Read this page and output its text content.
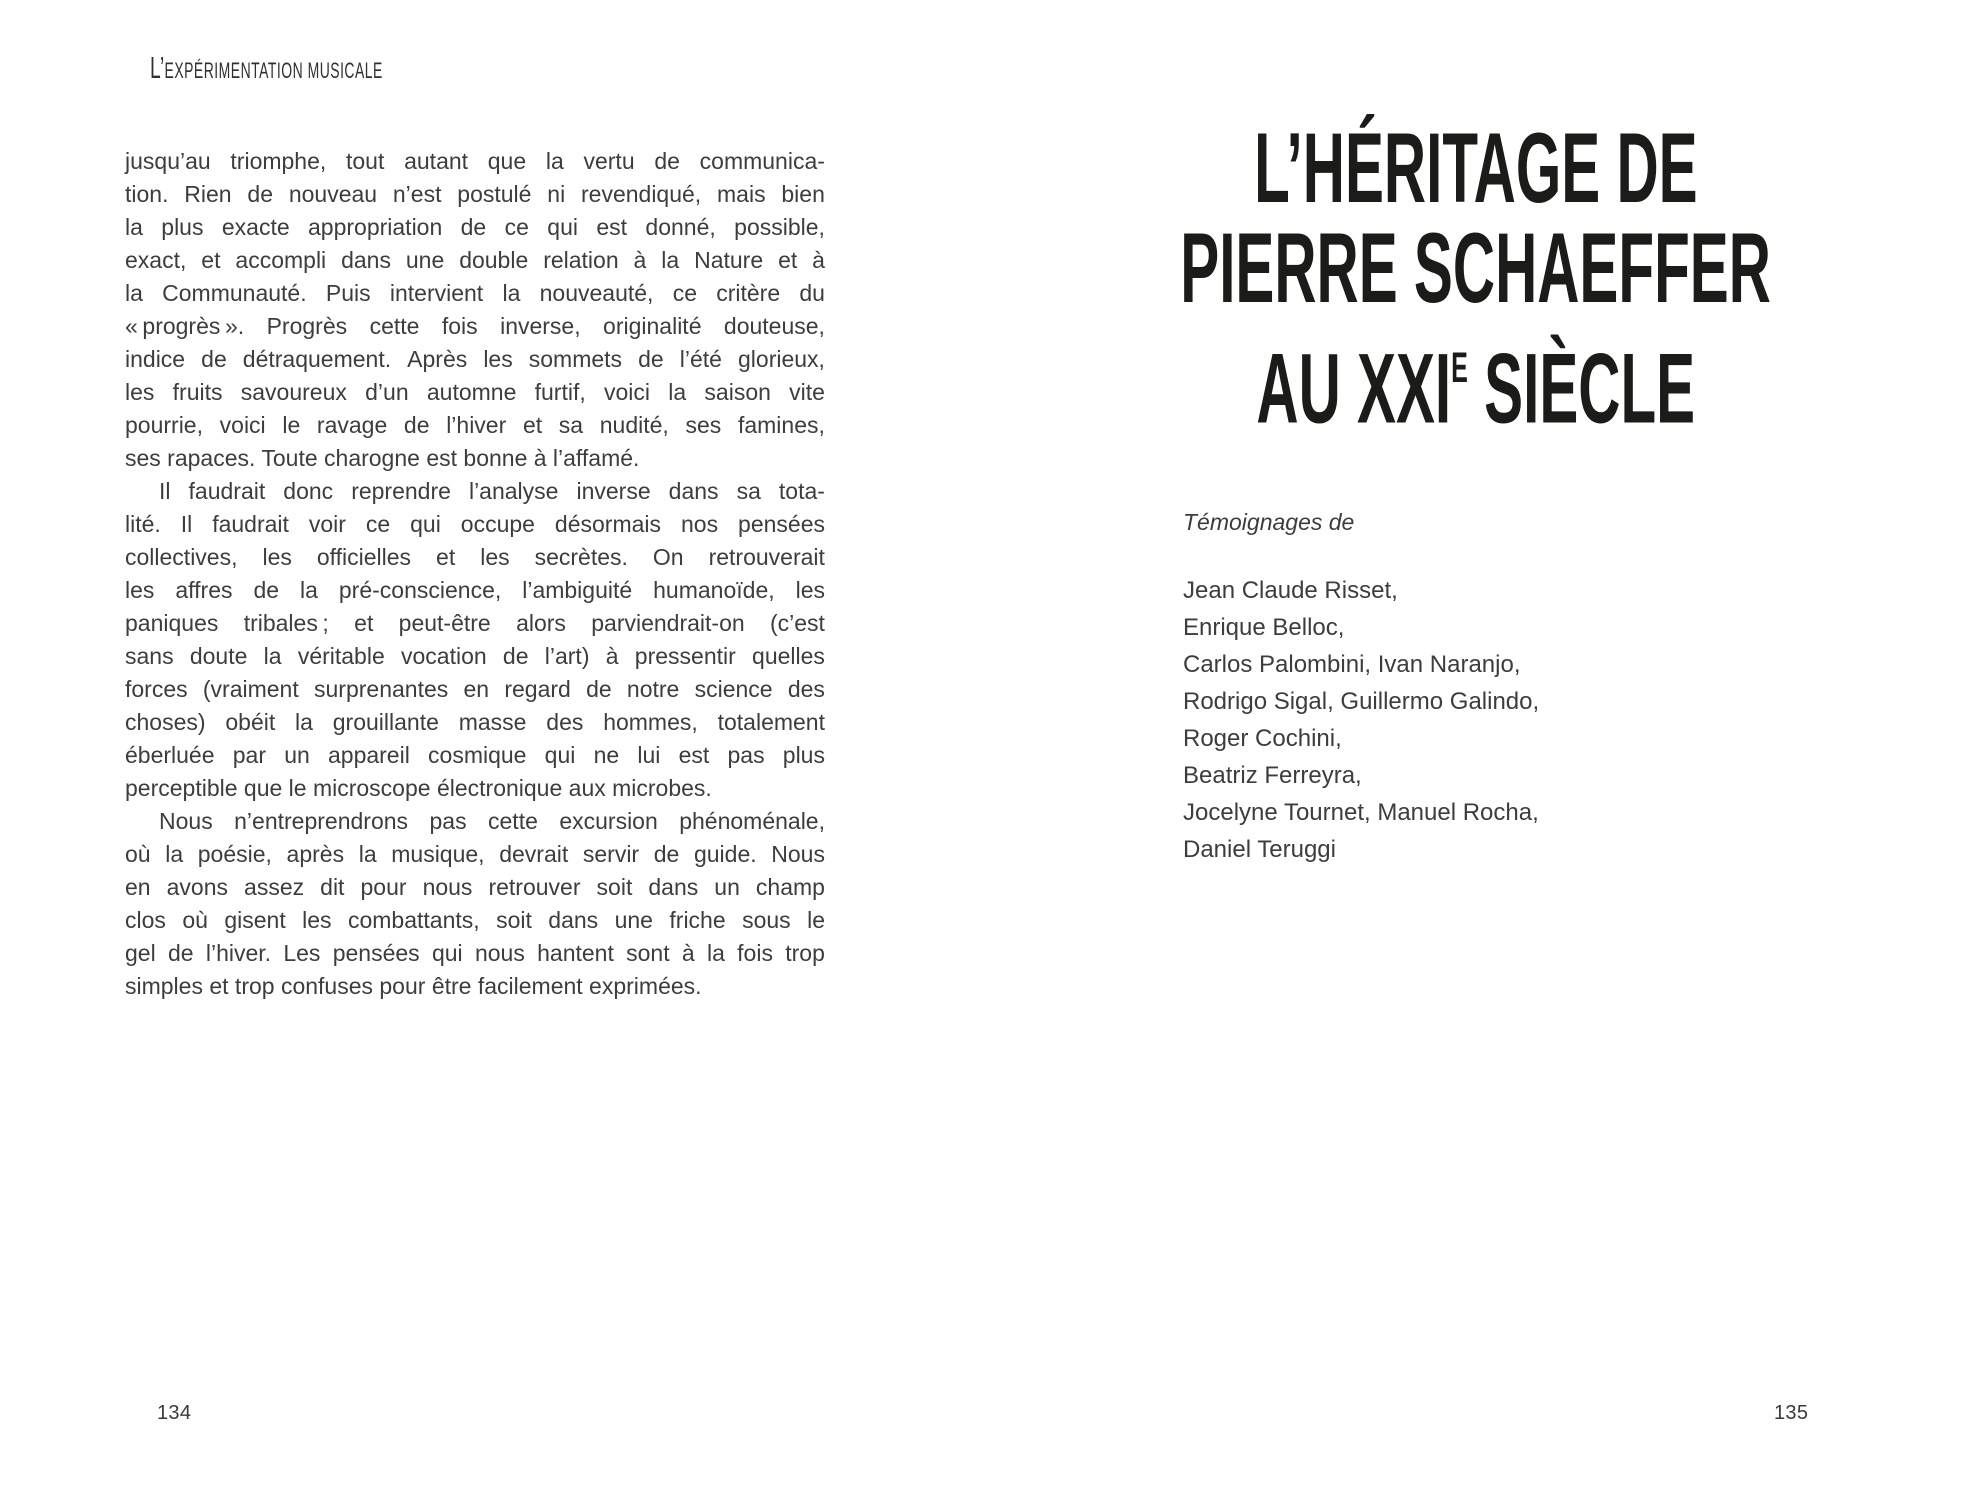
L’EXPÉRIMENTATION MUSICALE
jusqu’au triomphe, tout autant que la vertu de communica-
tion. Rien de nouveau n’est postulé ni revendiqué, mais bien
la plus exacte appropriation de ce qui est donné, possible,
exact, et accompli dans une double relation à la Nature et à
la Communauté. Puis intervient la nouveauté, ce critère du
« progrès ». Progrès cette fois inverse, originalité douteuse,
indice de détraquement. Après les sommets de l’été glorieux,
les fruits savoureux d’un automne furtif, voici la saison vite
pourrie, voici le ravage de l’hiver et sa nudité, ses famines,
ses rapaces. Toute charogne est bonne à l’affamé.
Il faudrait donc reprendre l’analyse inverse dans sa tota-
lité. Il faudrait voir ce qui occupe désormais nos pensées
collectives, les officielles et les secrètes. On retrouverait
les affres de la pré-conscience, l’ambiguité humanoïde, les
paniques tribales ; et peut-être alors parviendrait-on (c’est
sans doute la véritable vocation de l’art) à pressentir quelles
forces (vraiment surprenantes en regard de notre science des
choses) obéit la grouillante masse des hommes, totalement
éberluée par un appareil cosmique qui ne lui est pas plus
perceptible que le microscope électronique aux microbes.
Nous n’entreprendrons pas cette excursion phénoménale,
où la poésie, après la musique, devrait servir de guide. Nous
en avons assez dit pour nous retrouver soit dans un champ
clos où gisent les combattants, soit dans une friche sous le
gel de l’hiver. Les pensées qui nous hantent sont à la fois trop
simples et trop confuses pour être facilement exprimées.
134
L’HÉRITAGE DE
PIERRE SCHAEFFER
AU $XXI^E$ SIÈCLE
Témoignages de
Jean Claude Risset,
Enrique Belloc,
Carlos Palombini, Ivan Naranjo,
Rodrigo Sigal, Guillermo Galindo,
Roger Cochini,
Beatriz Ferreyra,
Jocelyne Tournet, Manuel Rocha,
Daniel Teruggi
135
